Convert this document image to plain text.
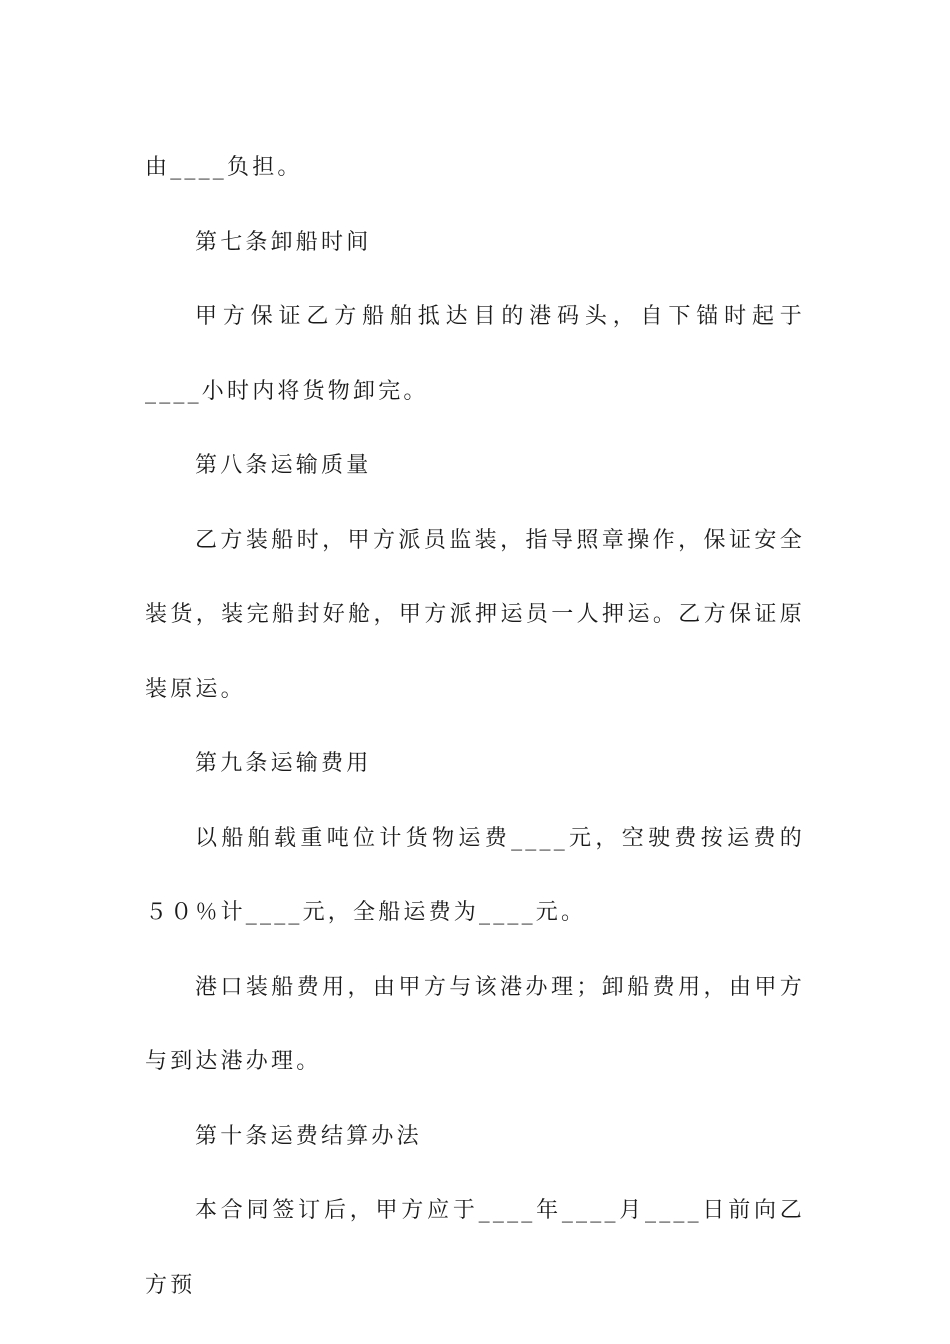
由____负担。

第七条卸船时间

甲方保证乙方船舶抵达目的港码头，自下锚时起于____小时内将货物卸完。

第八条运输质量

乙方装船时，甲方派员监装，指导照章操作，保证安全装货，装完船封好舱，甲方派押运员一人押运。乙方保证原装原运。

第九条运输费用

以船舶载重吨位计货物运费____元，空驶费按运费的５０％计____元，全船运费为____元。

港口装船费用，由甲方与该港办理；卸船费用，由甲方与到达港办理。

第十条运费结算办法

本合同签订后，甲方应于____年____月____日前向乙方预
